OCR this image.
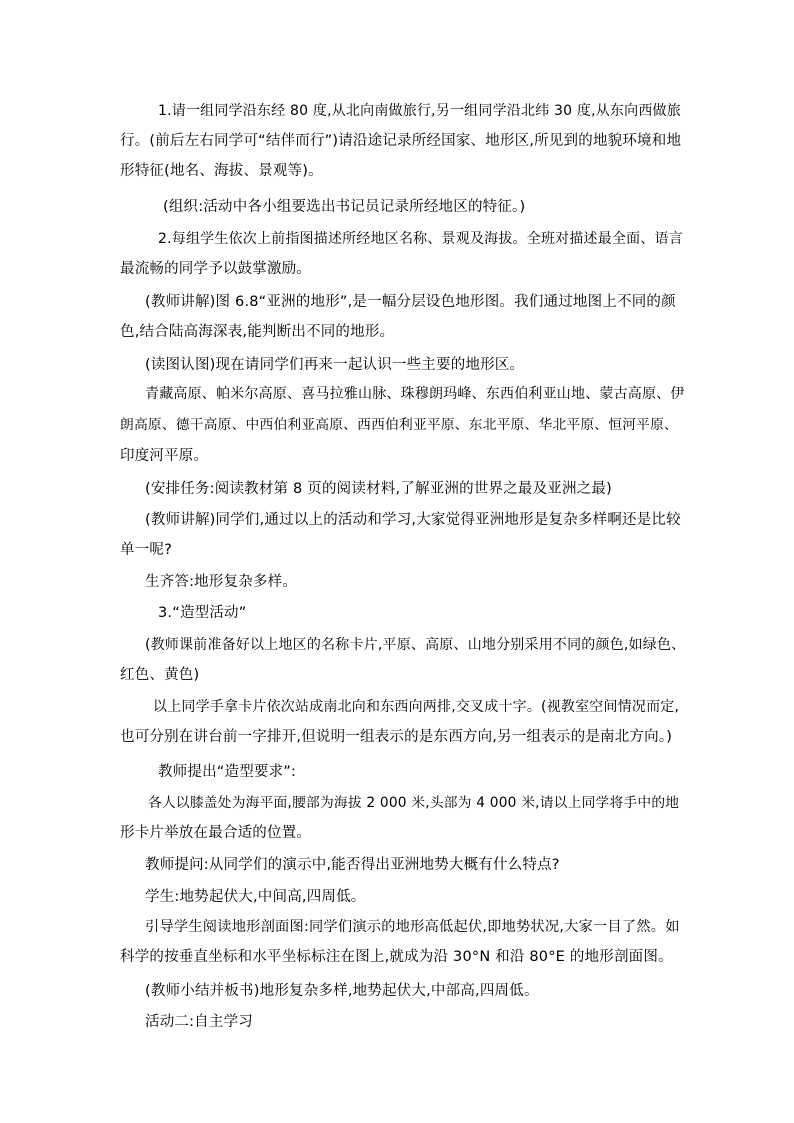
1.请一组同学沿东经 80 度,从北向南做旅行,另一组同学沿北纬 30 度,从东向西做旅
行。(前后左右同学可“结伴而行”)请沿途记录所经国家、地形区,所见到的地貌环境和地
形特征(地名、海拔、景观等)。
(组织:活动中各小组要选出书记员记录所经地区的特征。)
2.每组学生依次上前指图描述所经地区名称、景观及海拔。全班对描述最全面、语言
最流畅的同学予以鼓掌激励。
(教师讲解)图 6.8“亚洲的地形”,是一幅分层设色地形图。我们通过地图上不同的颜
色,结合陆高海深表,能判断出不同的地形。
(读图认图)现在请同学们再来一起认识一些主要的地形区。
青藏高原、帕米尔高原、喜马拉雅山脉、珠穆朗玛峰、东西伯利亚山地、蒙古高原、伊
朗高原、德干高原、中西伯利亚高原、西西伯利亚平原、东北平原、华北平原、恒河平原、
印度河平原。
(安排任务:阅读教材第 8 页的阅读材料,了解亚洲的世界之最及亚洲之最)
(教师讲解)同学们,通过以上的活动和学习,大家觉得亚洲地形是复杂多样啊还是比较
单一呢?
生齐答:地形复杂多样。
3.“造型活动”
(教师课前准备好以上地区的名称卡片,平原、高原、山地分别采用不同的颜色,如绿色、
红色、黄色)
以上同学手拿卡片依次站成南北向和东西向两排,交叉成十字。(视教室空间情况而定,
也可分别在讲台前一字排开,但说明一组表示的是东西方向,另一组表示的是南北方向。)
教师提出“造型要求”:
各人以膝盖处为海平面,腰部为海拔 2 000 米,头部为 4 000 米,请以上同学将手中的地
形卡片举放在最合适的位置。
教师提问:从同学们的演示中,能否得出亚洲地势大概有什么特点?
学生:地势起伏大,中间高,四周低。
引导学生阅读地形剖面图:同学们演示的地形高低起伏,即地势状况,大家一目了然。如
科学的按垂直坐标和水平坐标标注在图上,就成为沿 30°N 和沿 80°E 的地形剖面图。
(教师小结并板书)地形复杂多样,地势起伏大,中部高,四周低。
活动二:自主学习
